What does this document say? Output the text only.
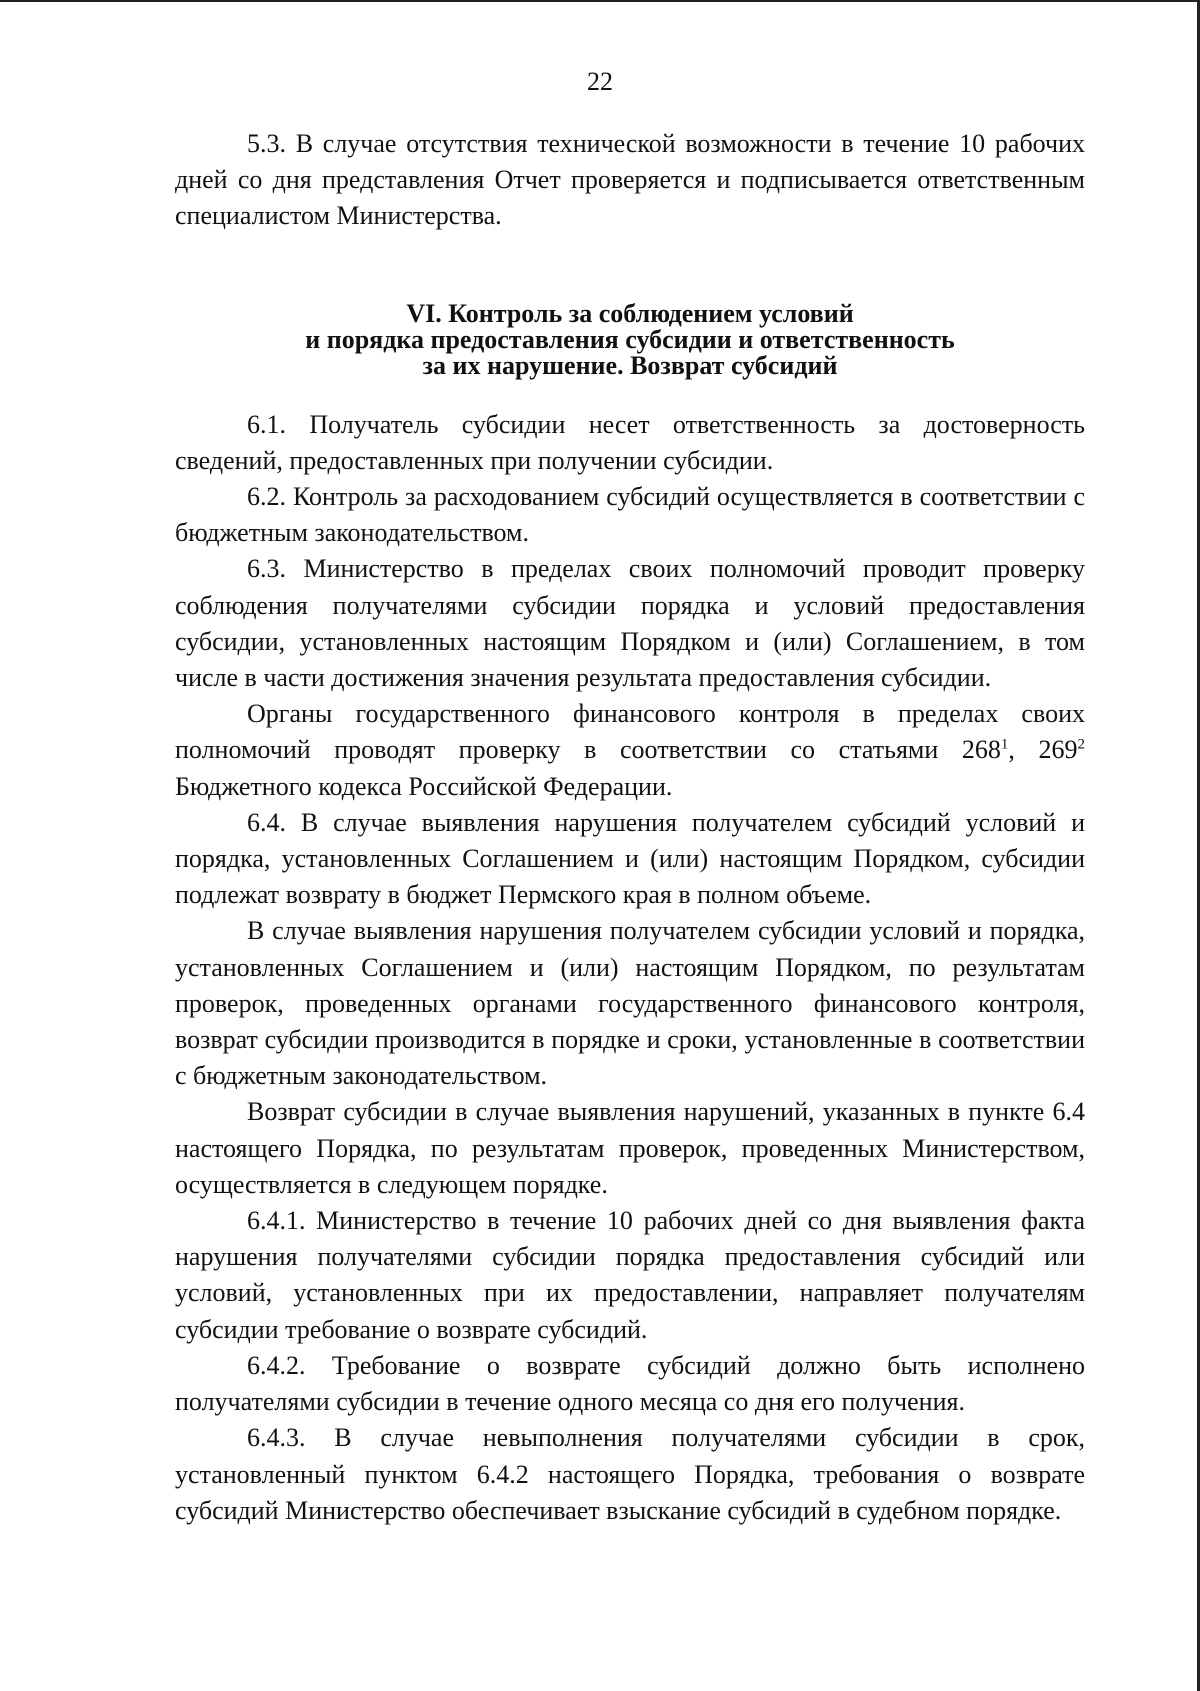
22

5.3. В случае отсутствия технической возможности в течение 10 рабочих дней со дня представления Отчет проверяется и подписывается ответственным специалистом Министерства.

VI. Контроль за соблюдением условий
и порядка предоставления субсидии и ответственность
за их нарушение. Возврат субсидий

6.1. Получатель субсидии несет ответственность за достоверность сведений, предоставленных при получении субсидии.

6.2. Контроль за расходованием субсидий осуществляется в соответствии с бюджетным законодательством.

6.3. Министерство в пределах своих полномочий проводит проверку соблюдения получателями субсидии порядка и условий предоставления субсидии, установленных настоящим Порядком и (или) Соглашением, в том числе в части достижения значения результата предоставления субсидии.

Органы государственного финансового контроля в пределах своих полномочий проводят проверку в соответствии со статьями $268^1$, $269^2$ Бюджетного кодекса Российской Федерации.

6.4. В случае выявления нарушения получателем субсидий условий и порядка, установленных Соглашением и (или) настоящим Порядком, субсидии подлежат возврату в бюджет Пермского края в полном объеме.

В случае выявления нарушения получателем субсидии условий и порядка, установленных Соглашением и (или) настоящим Порядком, по результатам проверок, проведенных органами государственного финансового контроля, возврат субсидии производится в порядке и сроки, установленные в соответствии с бюджетным законодательством.

Возврат субсидии в случае выявления нарушений, указанных в пункте 6.4 настоящего Порядка, по результатам проверок, проведенных Министерством, осуществляется в следующем порядке.

6.4.1. Министерство в течение 10 рабочих дней со дня выявления факта нарушения получателями субсидии порядка предоставления субсидий или условий, установленных при их предоставлении, направляет получателям субсидии требование о возврате субсидий.

6.4.2. Требование о возврате субсидий должно быть исполнено получателями субсидии в течение одного месяца со дня его получения.

6.4.3. В случае невыполнения получателями субсидии в срок, установленный пунктом 6.4.2 настоящего Порядка, требования о возврате субсидий Министерство обеспечивает взыскание субсидий в судебном порядке.
